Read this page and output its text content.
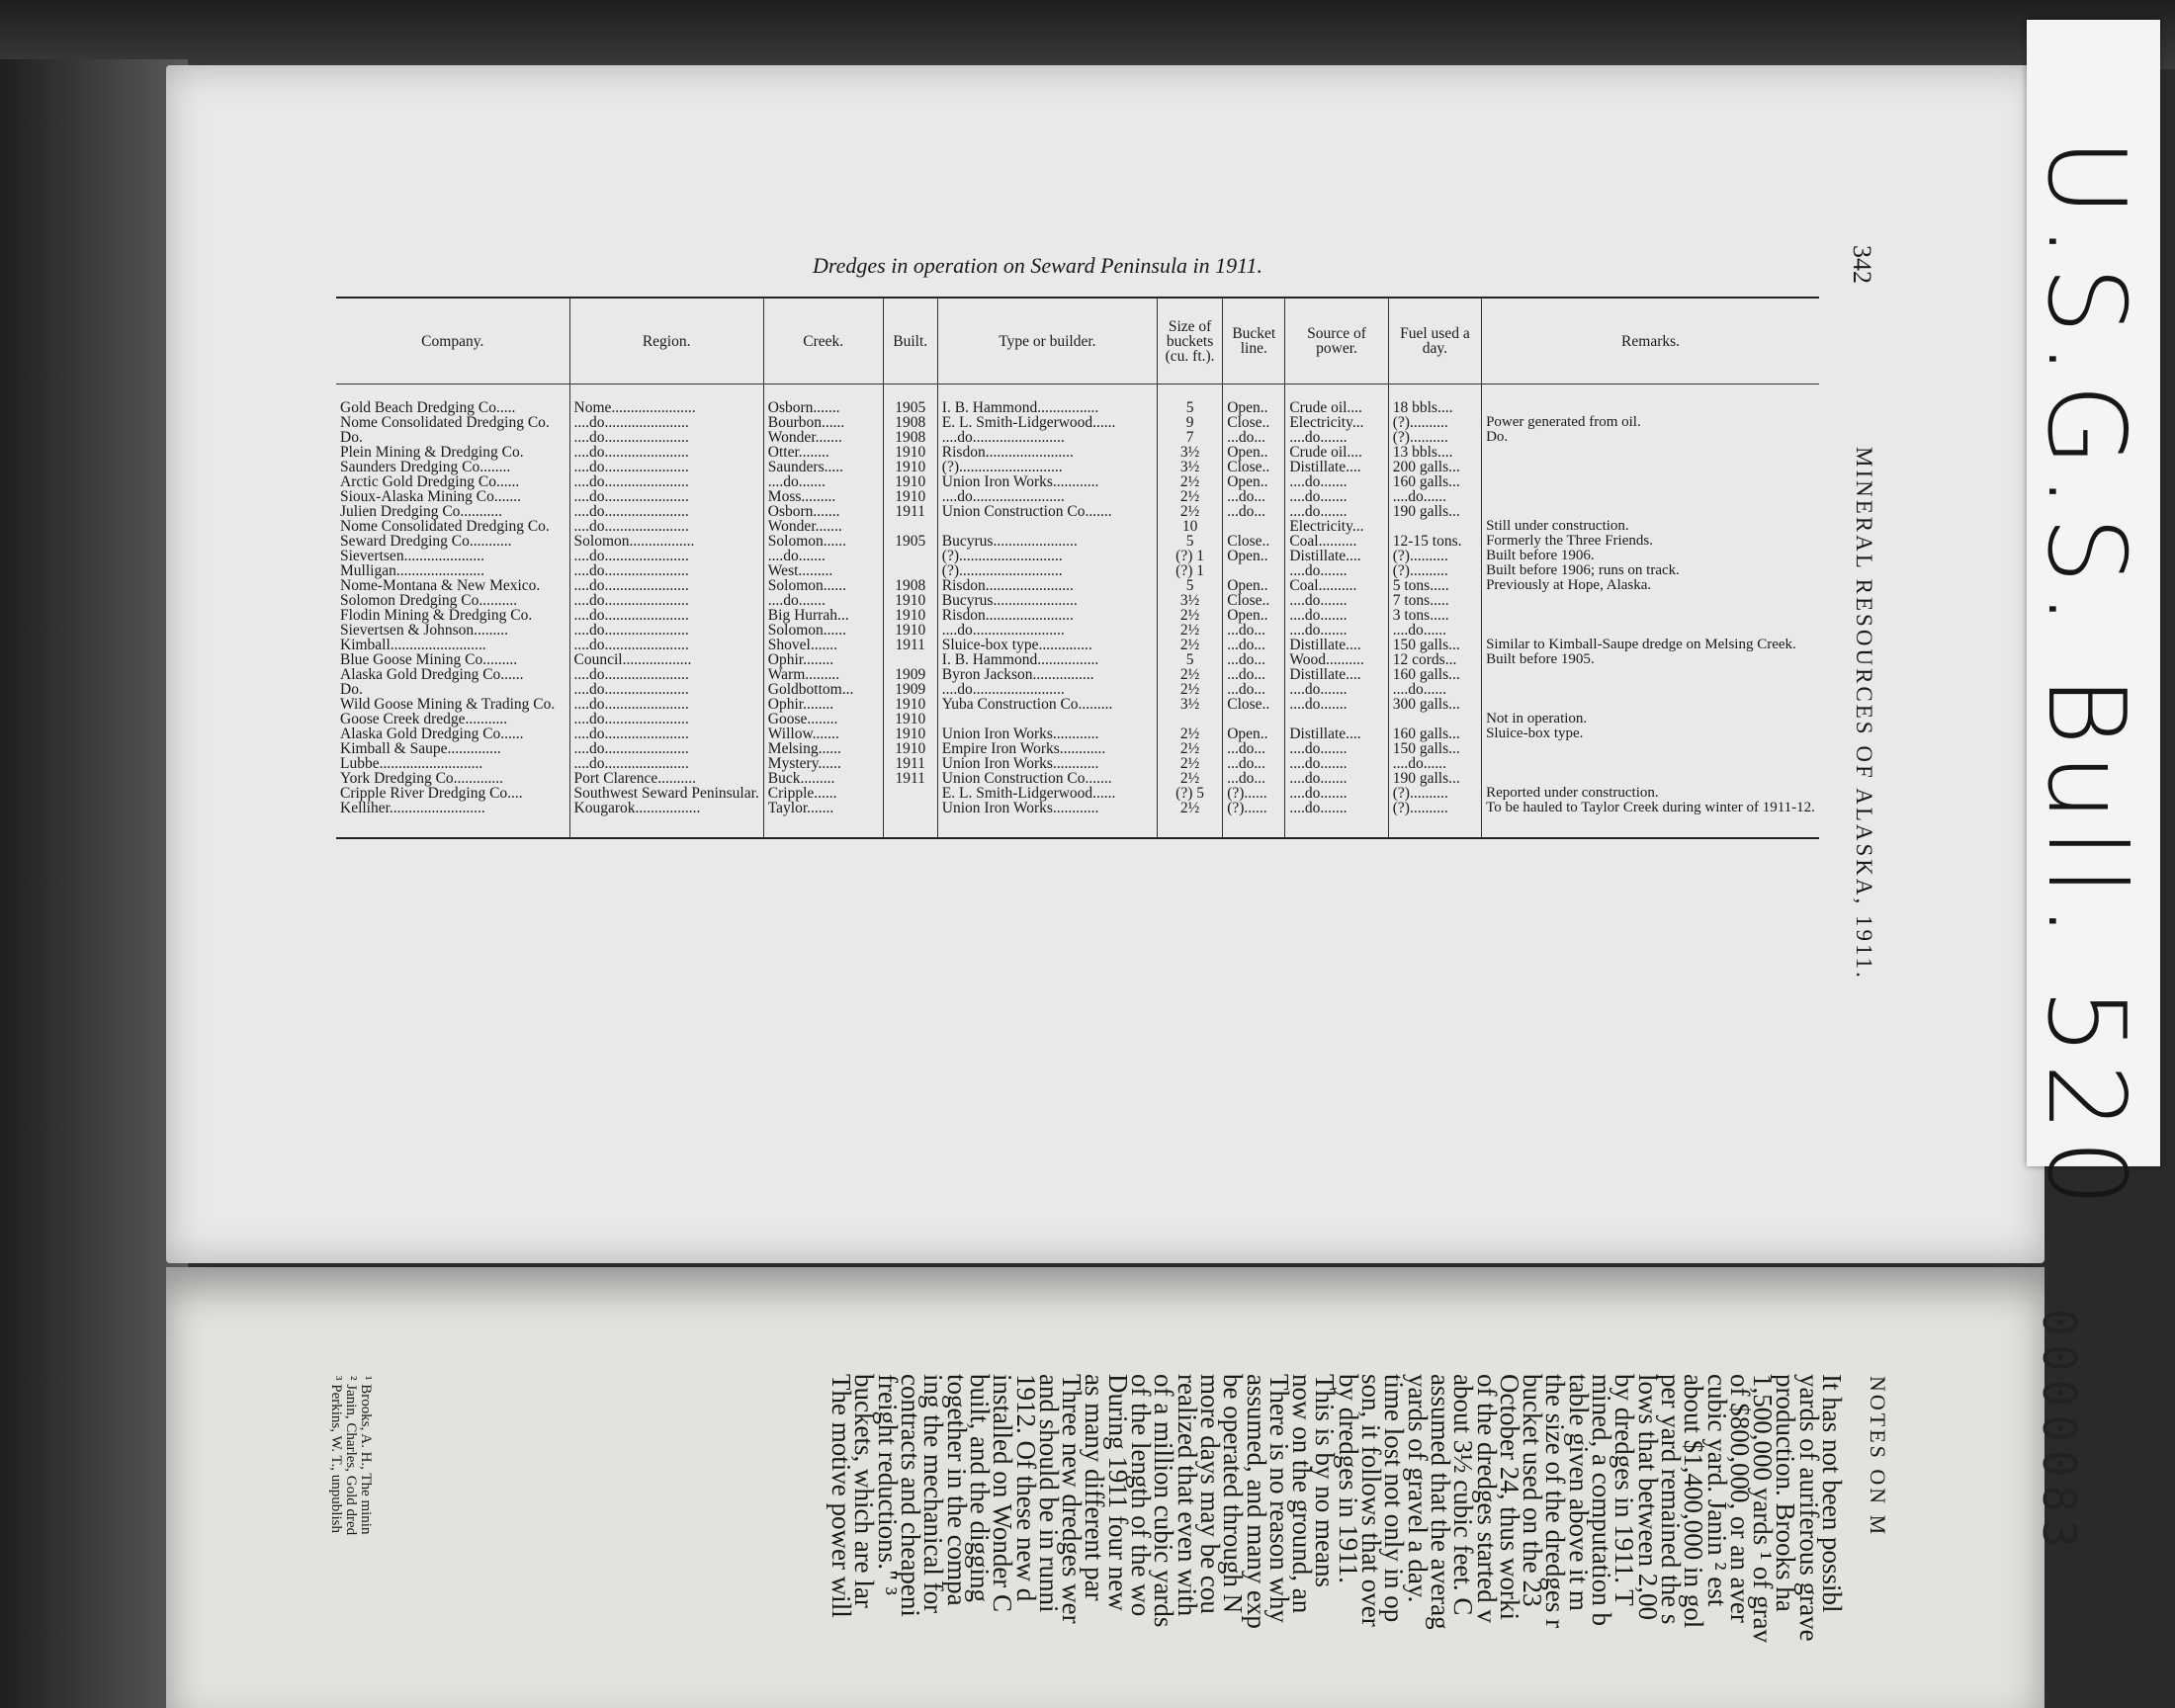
U.S.G.S. Bull. 520
0000083
342
MINERAL RESOURCES OF ALASKA, 1911.
Dredges in operation on Seward Peninsula in 1911.
Company.	Region.	Creek.	Built.	Type or builder.	Size of buckets (cu. ft.).	Bucket line.	Source of power.	Fuel used a day.	Remarks.
Gold Beach Dredging Co.....	Nome......................	Osborn.......	1905	I. B. Hammond................	5	Open..	Crude oil....	18 bbls....	
Nome Consolidated Dredging Co.	....do......................	Bourbon......	1908	E. L. Smith-Lidgerwood......	9	Close..	Electricity...	(?)..........	Power generated from oil.
Do.	....do......................	Wonder.......	1908	....do........................	7	...do...	....do.......	(?)..........	Do.
Plein Mining & Dredging Co.	....do......................	Otter........	1910	Risdon.......................	3½	Open..	Crude oil....	13 bbls....	
Saunders Dredging Co........	....do......................	Saunders.....	1910	(?)...........................	3½	Close..	Distillate....	200 galls...	
Arctic Gold Dredging Co......	....do......................	....do.......	1910	Union Iron Works............	2½	Open..	....do.......	160 galls...	
Sioux-Alaska Mining Co.......	....do......................	Moss.........	1910	....do........................	2½	...do...	....do.......	....do......	
Julien Dredging Co...........	....do......................	Osborn.......	1911	Union Construction Co.......	2½	...do...	....do.......	190 galls...	
Nome Consolidated Dredging Co.	....do......................	Wonder.......			10		Electricity...		Still under construction.
Seward Dredging Co...........	Solomon.................	Solomon......	1905	Bucyrus......................	5	Close..	Coal..........	12-15 tons.	Formerly the Three Friends.
Sievertsen.....................	....do......................	....do.......		(?)...........................	(?) 1	Open..	Distillate....	(?)..........	Built before 1906.
Mulligan.......................	....do......................	West.........		(?)...........................	(?) 1		....do.......	(?)..........	Built before 1906; runs on track.
Nome-Montana & New Mexico.	....do......................	Solomon......	1908	Risdon.......................	5	Open..	Coal..........	5 tons.....	Previously at Hope, Alaska.
Solomon Dredging Co..........	....do......................	....do.......	1910	Bucyrus......................	3½	Close..	....do.......	7 tons.....	
Flodin Mining & Dredging Co.	....do......................	Big Hurrah...	1910	Risdon.......................	2½	Open..	....do.......	3 tons.....	
Sievertsen & Johnson.........	....do......................	Solomon......	1910	....do........................	2½	...do...	....do.......	....do......	
Kimball.........................	....do......................	Shovel.......	1911	Sluice-box type..............	2½	...do...	Distillate....	150 galls...	Similar to Kimball-Saupe dredge on Melsing Creek.
Blue Goose Mining Co.........	Council..................	Ophir........		I. B. Hammond................	5	...do...	Wood..........	12 cords...	Built before 1905.
Alaska Gold Dredging Co......	....do......................	Warm.........	1909	Byron Jackson................	2½	...do...	Distillate....	160 galls...	
Do.	....do......................	Goldbottom...	1909	....do........................	2½	...do...	....do.......	....do......	
Wild Goose Mining & Trading Co.	....do......................	Ophir........	1910	Yuba Construction Co.........	3½	Close..	....do.......	300 galls...	
Goose Creek dredge...........	....do......................	Goose........	1910						Not in operation.
Alaska Gold Dredging Co......	....do......................	Willow.......	1910	Union Iron Works............	2½	Open..	Distillate....	160 galls...	Sluice-box type.
Kimball & Saupe..............	....do......................	Melsing......	1910	Empire Iron Works............	2½	...do...	....do.......	150 galls...	
Lubbe...........................	....do......................	Mystery......	1911	Union Iron Works............	2½	...do...	....do.......	....do......	
York Dredging Co.............	Port Clarence..........	Buck.........	1911	Union Construction Co.......	2½	...do...	....do.......	190 galls...	
Cripple River Dredging Co....	Southwest Seward Peninsular.	Cripple......		E. L. Smith-Lidgerwood......	(?) 5	(?)......	....do.......	(?)..........	Reported under construction.
Kelliher.........................	Kougarok.................	Taylor.......		Union Iron Works............	2½	(?)......	....do.......	(?)..........	To be hauled to Taylor Creek during winter of 1911-12.
NOTES ON M
It has not been possibl
yards of auriferous grave
production. Brooks ha
1,500,000 yards ¹ of grav
of $800,000, or an aver
cubic yard. Janin ² est
about $1,400,000 in gol
per yard remained the s
lows that between 2,00
by dredges in 1911. T
mined, a computation b
table given above it m
the size of the dredges r
bucket used on the 23
October 24, thus worki
of the dredges started v
about 3½ cubic feet. C
assumed that the averag
yards of gravel a day.
time lost not only in op
son, it follows that over
by dredges in 1911.
This is by no means
now on the ground, an
There is no reason why
assumed, and many exp
be operated through N
more days may be cou
realized that even with
of a million cubic yards
of the length of the wo
During 1911 four new
as many different par
Three new dredges wer
and should be in runni
1912. Of these new d
installed on Wonder C
built, and the digging
together in the compa
ing the mechanical for
contracts and cheapeni
freight reductions." ³
buckets, which are lar
The motive power will
¹ Brooks, A. H., The minin
² Janin, Charles, Gold dred
³ Perkins, W. T., unpublish
